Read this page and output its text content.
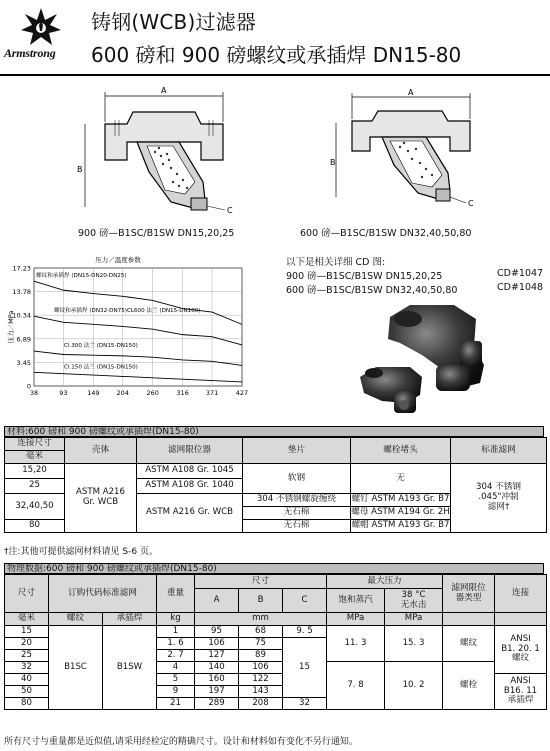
Armstrong
铸钢(WCB)过滤器
600 磅和 900 磅螺纹或承插焊 DN15-80
A
B
C
900 磅—B1SC/B1SW DN15,20,25
A
B
C
600 磅—B1SC/B1SW DN32,40,50,80
0
3.45
6.89
10.34
13.78
17.23
38	93	149	204	260	316	371	427
压力／温度参数
压力／MPa
螺纹和承插焊 (DN15-DN20-DN25)
螺纹和承插焊 (DN32-DN75)CL600 法兰 (DN15-DN100)
Cl.300 法兰 (DN15-DN150)
Cl.150 法兰 (DN15-DN150)
以下是相关详细 CD 图:
900 磅—B1SC/B1SW DN15,20,25	CD#1047
600 磅—B1SC/B1SW DN32,40,50,80	CD#1048
材料:600 磅和 900 磅螺纹或承插焊(DN15-80)
连接尺寸	壳体	滤网限位器	垫片	螺栓堵头	标准滤网
毫米					
15,20	ASTM A216 Gr. WCB	ASTM A108 Gr. 1045	软钢	无	304 不锈钢
.045"冲制
滤网†

25		ASTM A108 Gr. 1040			
32,40,50		ASTM A216 Gr. WCB	304 不锈钢螺旋缠绕	螺钉 ASTM A193 Gr. B7	
			无石棉	螺母 ASTM A194 Gr. 2H	
80			无石棉	螺帽 ASTM A193 Gr. B7	
†注:其他可提供滤网材料请见 S-6 页。
物理数据:600 磅和 900 磅螺纹或承插焊(DN15-80)
尺寸	订购代码标准滤网		重量	尺寸			最大压力		滤网限位
器类型	连接
				A	B	C	饱和蒸汽	38 °C
无水击		

毫米	螺纹	承插焊	kg	mm			MPa	MPa		
15	B1SC	B1SW	1	95	68	9. 5	11. 3	15. 3	螺纹	ANSI
B1. 20. 1
螺纹

20			1. 6	106	75	15				
25			2. 7	127	89					
32			4	140	106		7. 8	10. 2	螺栓	
40			5	160	122					ANSI
B16. 11
承插焊

50			9	197	143					
80			21	289	208	32				
所有尺寸与重量都是近似值,请采用经检定的精确尺寸。设计和材料如有变化不另行通知。
